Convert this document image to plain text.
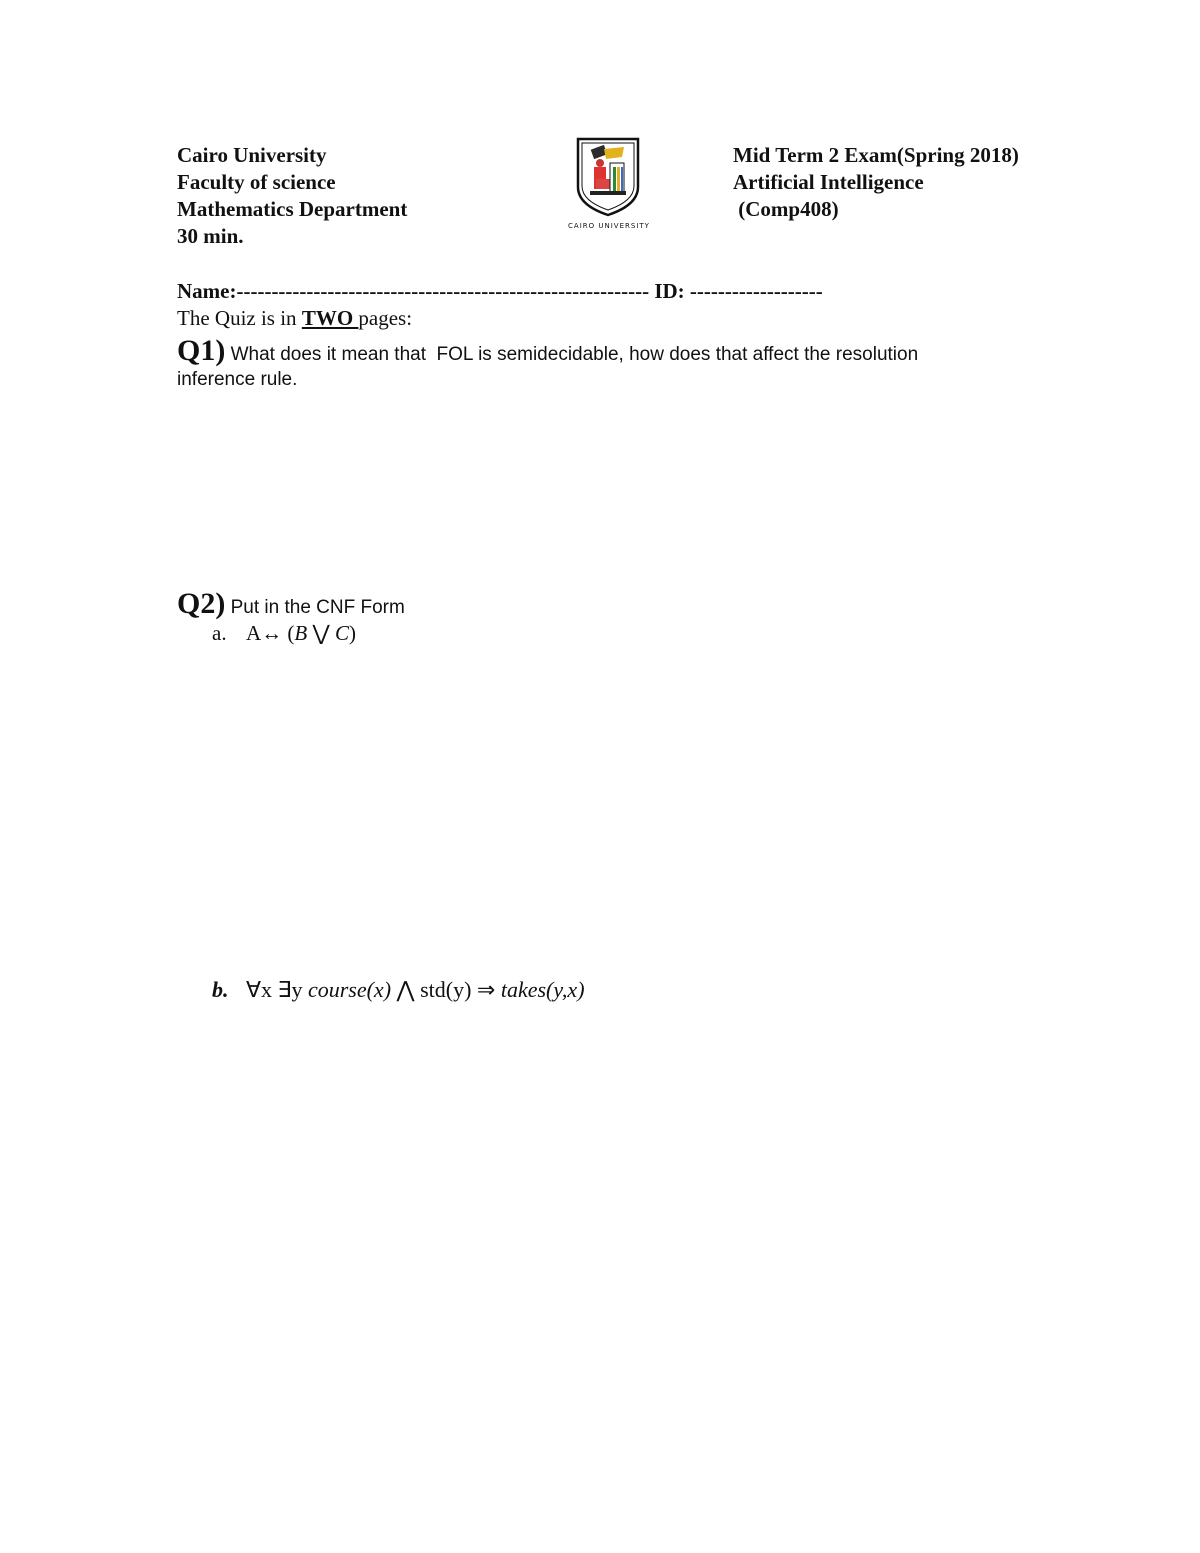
Cairo University
Faculty of science
Mathematics Department
30 min.	CAIRO UNIVERSITY
Mid Term 2 Exam(Spring 2018)
Artificial Intelligence
(Comp408)
Name:----------------------------------------------------------- ID: -------------------
The Quiz is in TWO pages:
Q1) What does it mean that  FOL is semidecidable, how does that affect the resolution
inference rule.
Q2) Put in the CNF Form
a. A↔ (B ⋁ C)
b. ∀x ∃y course(x) ⋀ std(y) ⇒ takes(y,x)
